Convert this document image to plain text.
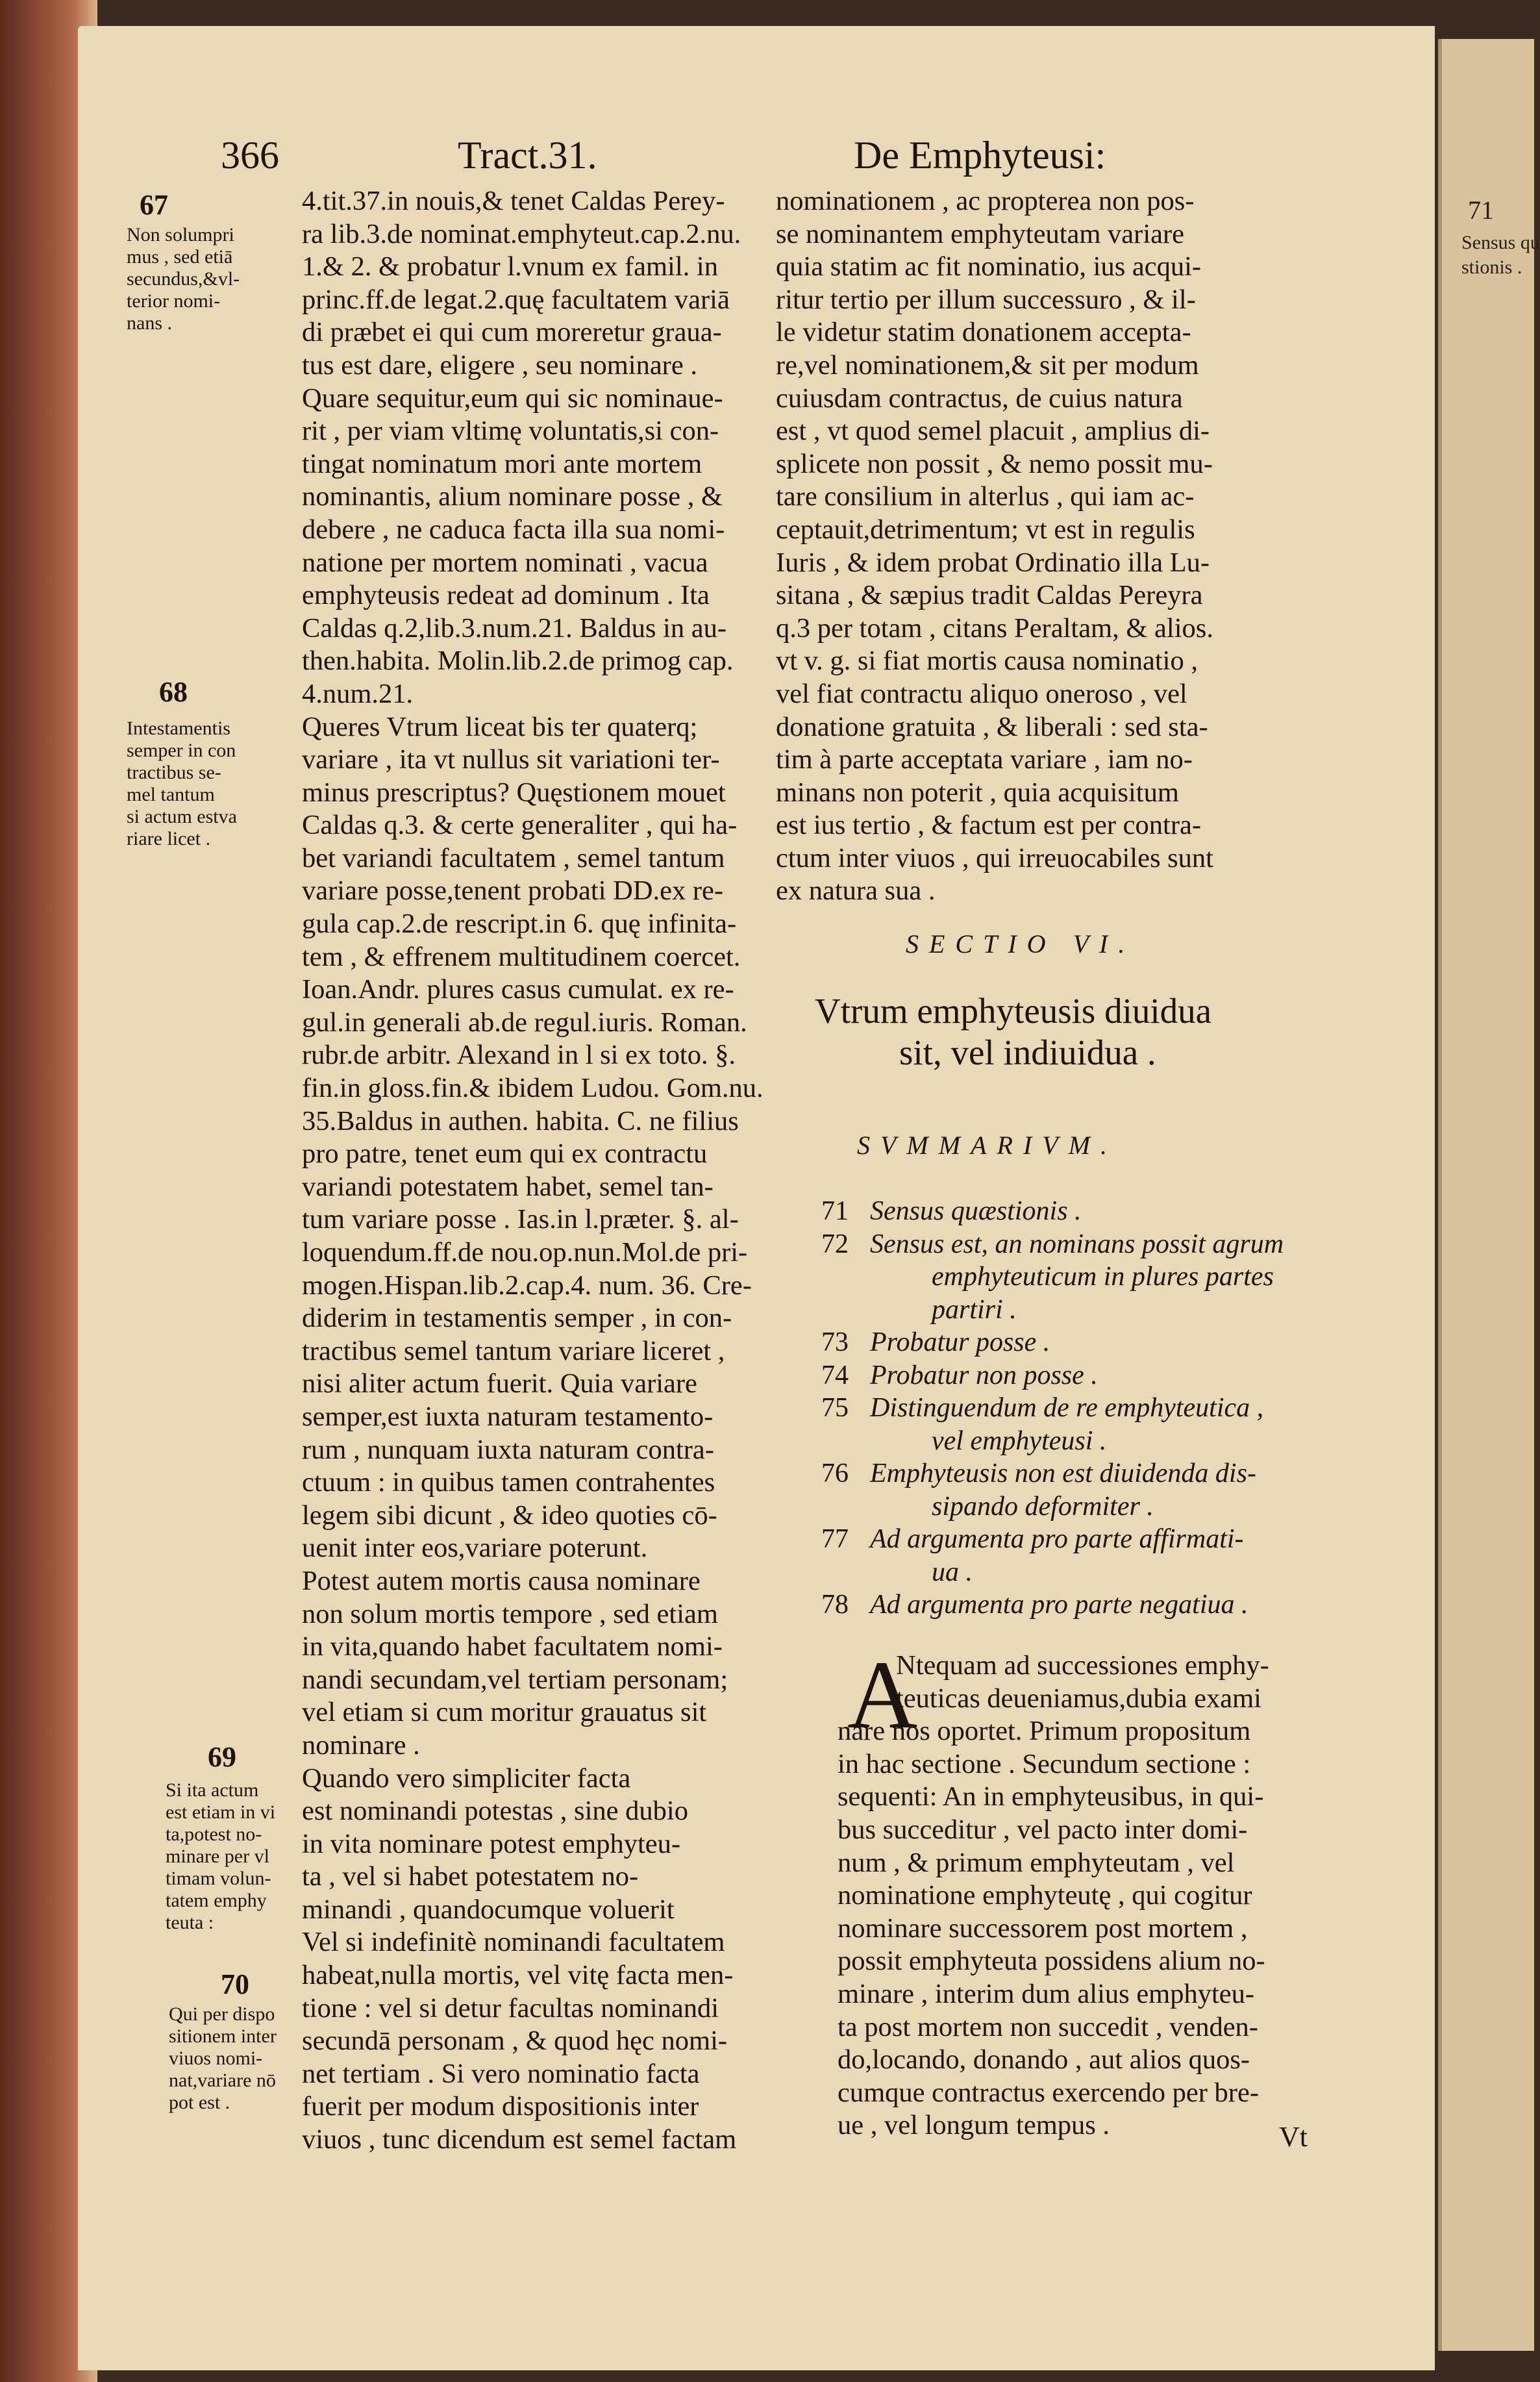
71
Sensus qu
stionis .
366	Tract.31.	De Emphyteusi:
67
Non solumpri
mus , sed etiā
secundus,&vl-
terior nomi-
nans .
68
Intestamentis
semper in con
tractibus se-
mel tantum
si actum estva
riare licet .
69
Si ita actum
est etiam in vi
ta,potest no-
minare per vl
timam volun-
tatem emphy
teuta :
70
Qui per dispo
sitionem inter
viuos nomi-
nat,variare nō
pot est .
4.tit.37.in nouis,& tenet Caldas Perey-
ra lib.3.de nominat.emphyteut.cap.2.nu.
1.& 2. & probatur l.vnum ex famil. in
princ.ff.de legat.2.quę facultatem variā
di præbet ei qui cum moreretur graua-
tus est dare, eligere , seu nominare .
Quare sequitur,eum qui sic nominaue-
rit , per viam vltimę voluntatis,si con-
tingat nominatum mori ante mortem
nominantis, alium nominare posse , &
debere , ne caduca facta illa sua nomi-
natione per mortem nominati , vacua
emphyteusis redeat ad dominum . Ita
Caldas q.2,lib.3.num.21. Baldus in au-
then.habita. Molin.lib.2.de primog cap.
4.num.21.
Queres Vtrum liceat bis ter quaterq;
variare , ita vt nullus sit variationi ter-
minus prescriptus? Quęstionem mouet
Caldas q.3. & certe generaliter , qui ha-
bet variandi facultatem , semel tantum
variare posse,tenent probati DD.ex re-
gula cap.2.de rescript.in 6. quę infinita-
tem , & effrenem multitudinem coercet.
Ioan.Andr. plures casus cumulat. ex re-
gul.in generali ab.de regul.iuris. Roman.
rubr.de arbitr. Alexand in l si ex toto. §.
fin.in gloss.fin.& ibidem Ludou. Gom.nu.
35.Baldus in authen. habita. C. ne filius
pro patre, tenet eum qui ex contractu
variandi potestatem habet, semel tan-
tum variare posse . Ias.in l.præter. §. al-
loquendum.ff.de nou.op.nun.Mol.de pri-
mogen.Hispan.lib.2.cap.4. num. 36. Cre-
diderim in testamentis semper , in con-
tractibus semel tantum variare liceret ,
nisi aliter actum fuerit. Quia variare
semper,est iuxta naturam testamento-
rum , nunquam iuxta naturam contra-
ctuum : in quibus tamen contrahentes
legem sibi dicunt , & ideo quoties cō-
uenit inter eos,variare poterunt.
Potest autem mortis causa nominare
non solum mortis tempore , sed etiam
in vita,quando habet facultatem nomi-
nandi secundam,vel tertiam personam;
vel etiam si cum moritur grauatus sit
nominare .
Quando vero simpliciter facta
est nominandi potestas , sine dubio
in vita nominare potest emphyteu-
ta , vel si habet potestatem no-
minandi , quandocumque voluerit
Vel si indefinitè nominandi facultatem
habeat,nulla mortis, vel vitę facta men-
tione : vel si detur facultas nominandi
secundā personam , & quod hęc nomi-
net tertiam . Si vero nominatio facta
fuerit per modum dispositionis inter
viuos , tunc dicendum est semel factam
nominationem , ac propterea non pos-
se nominantem emphyteutam variare
quia statim ac fit nominatio, ius acqui-
ritur tertio per illum successuro , & il-
le videtur statim donationem accepta-
re,vel nominationem,& sit per modum
cuiusdam contractus, de cuius natura
est , vt quod semel placuit , amplius di-
splicete non possit , & nemo possit mu-
tare consilium in alterlus , qui iam ac-
ceptauit,detrimentum; vt est in regulis
Iuris , & idem probat Ordinatio illa Lu-
sitana , & sæpius tradit Caldas Pereyra
q.3 per totam , citans Peraltam, & alios.
vt v. g. si fiat mortis causa nominatio ,
vel fiat contractu aliquo oneroso , vel
donatione gratuita , & liberali : sed sta-
tim à parte acceptata variare , iam no-
minans non poterit , quia acquisitum
est ius tertio , & factum est per contra-
ctum inter viuos , qui irreuocabiles sunt
ex natura sua .
SECTIO VI.
Vtrum emphyteusis diuidua
sit, vel indiuidua .
SVMMARIVM.
71 Sensus quæstionis .
72 Sensus est, an nominans possit agrum
emphyteuticum in plures partes
partiri .
73 Probatur posse .
74 Probatur non posse .
75 Distinguendum de re emphyteutica ,
vel emphyteusi .
76 Emphyteusis non est diuidenda dis-
sipando deformiter .
77 Ad argumenta pro parte affirmati-
ua .
78 Ad argumenta pro parte negatiua .
A
Ntequam ad successiones emphy-
teuticas deueniamus,dubia exami
nare nos oportet. Primum propositum
in hac sectione . Secundum sectione :
sequenti: An in emphyteusibus, in qui-
bus succeditur , vel pacto inter domi-
num , & primum emphyteutam , vel
nominatione emphyteutę , qui cogitur
nominare successorem post mortem ,
possit emphyteuta possidens alium no-
minare , interim dum alius emphyteu-
ta post mortem non succedit , venden-
do,locando, donando , aut alios quos-
cumque contractus exercendo per bre-
ue , vel longum tempus .	Vt
